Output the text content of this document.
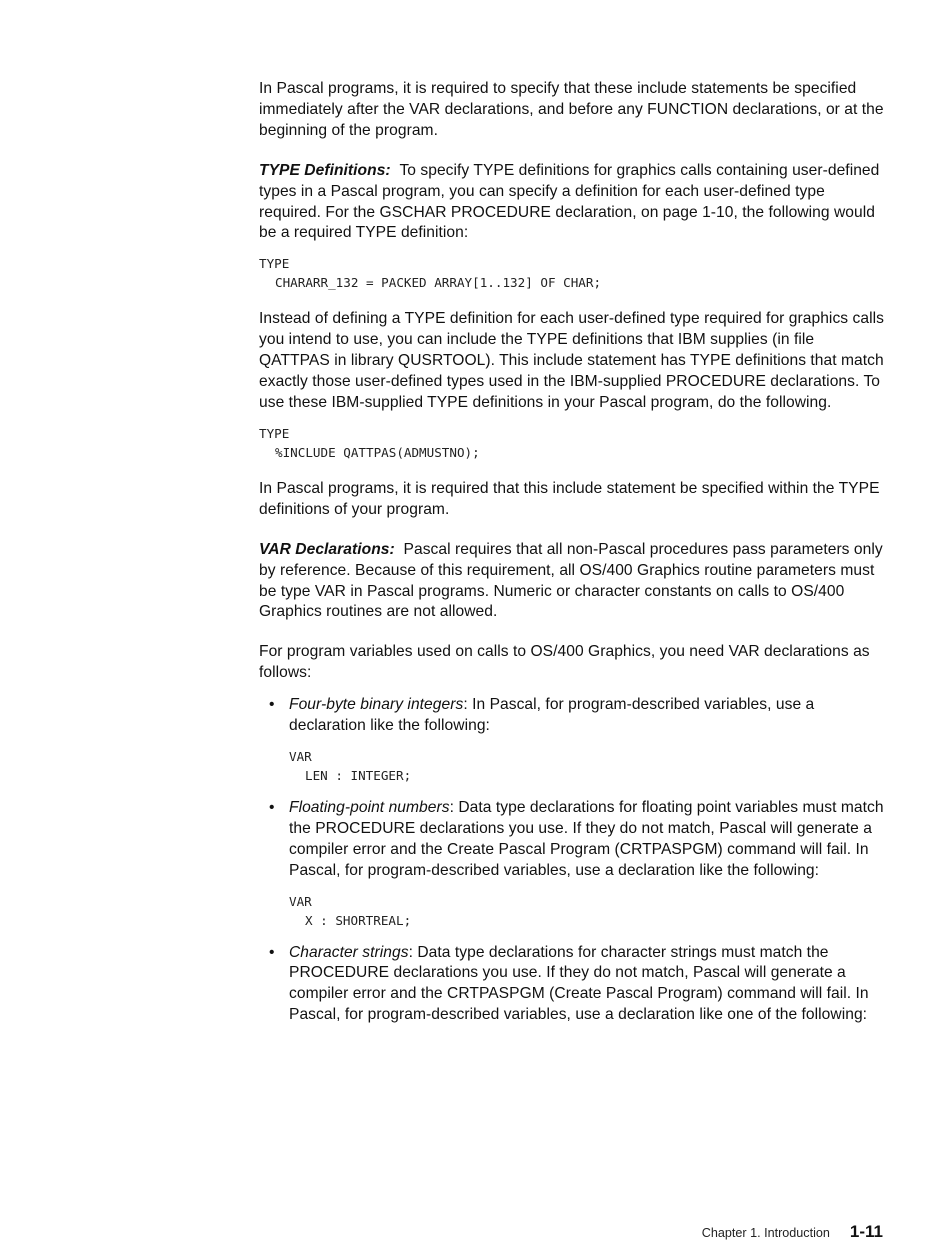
In Pascal programs, it is required to specify that these include statements be specified immediately after the VAR declarations, and before any FUNCTION declarations, or at the beginning of the program.

TYPE Definitions: To specify TYPE definitions for graphics calls containing user-defined types in a Pascal program, you can specify a definition for each user-defined type required. For the GSCHAR PROCEDURE declaration, on page 1-10, the following would be a required TYPE definition:

TYPE
CHARARR_132 = PACKED ARRAY[1..132] OF CHAR;

Instead of defining a TYPE definition for each user-defined type required for graphics calls you intend to use, you can include the TYPE definitions that IBM supplies (in file QATTPAS in library QUSRTOOL). This include statement has TYPE definitions that match exactly those user-defined types used in the IBM-supplied PROCEDURE declarations. To use these IBM-supplied TYPE definitions in your Pascal program, do the following.

TYPE
%INCLUDE QATTPAS(ADMUSTNO);

In Pascal programs, it is required that this include statement be specified within the TYPE definitions of your program.

VAR Declarations: Pascal requires that all non-Pascal procedures pass parameters only by reference. Because of this requirement, all OS/400 Graphics routine parameters must be type VAR in Pascal programs. Numeric or character constants on calls to OS/400 Graphics routines are not allowed.

For program variables used on calls to OS/400 Graphics, you need VAR declarations as follows:

• Four-byte binary integers: In Pascal, for program-described variables, use a declaration like the following:

VAR
LEN : INTEGER;
• Floating-point numbers: Data type declarations for floating point variables must match the PROCEDURE declarations you use. If they do not match, Pascal will generate a compiler error and the Create Pascal Program (CRTPASPGM) command will fail. In Pascal, for program-described variables, use a declaration like the following:

VAR
X : SHORTREAL;
• Character strings: Data type declarations for character strings must match the PROCEDURE declarations you use. If they do not match, Pascal will generate a compiler error and the CRTPASPGM (Create Pascal Program) command will fail. In Pascal, for program-described variables, use a declaration like one of the following:

Chapter 1. Introduction 1-11
